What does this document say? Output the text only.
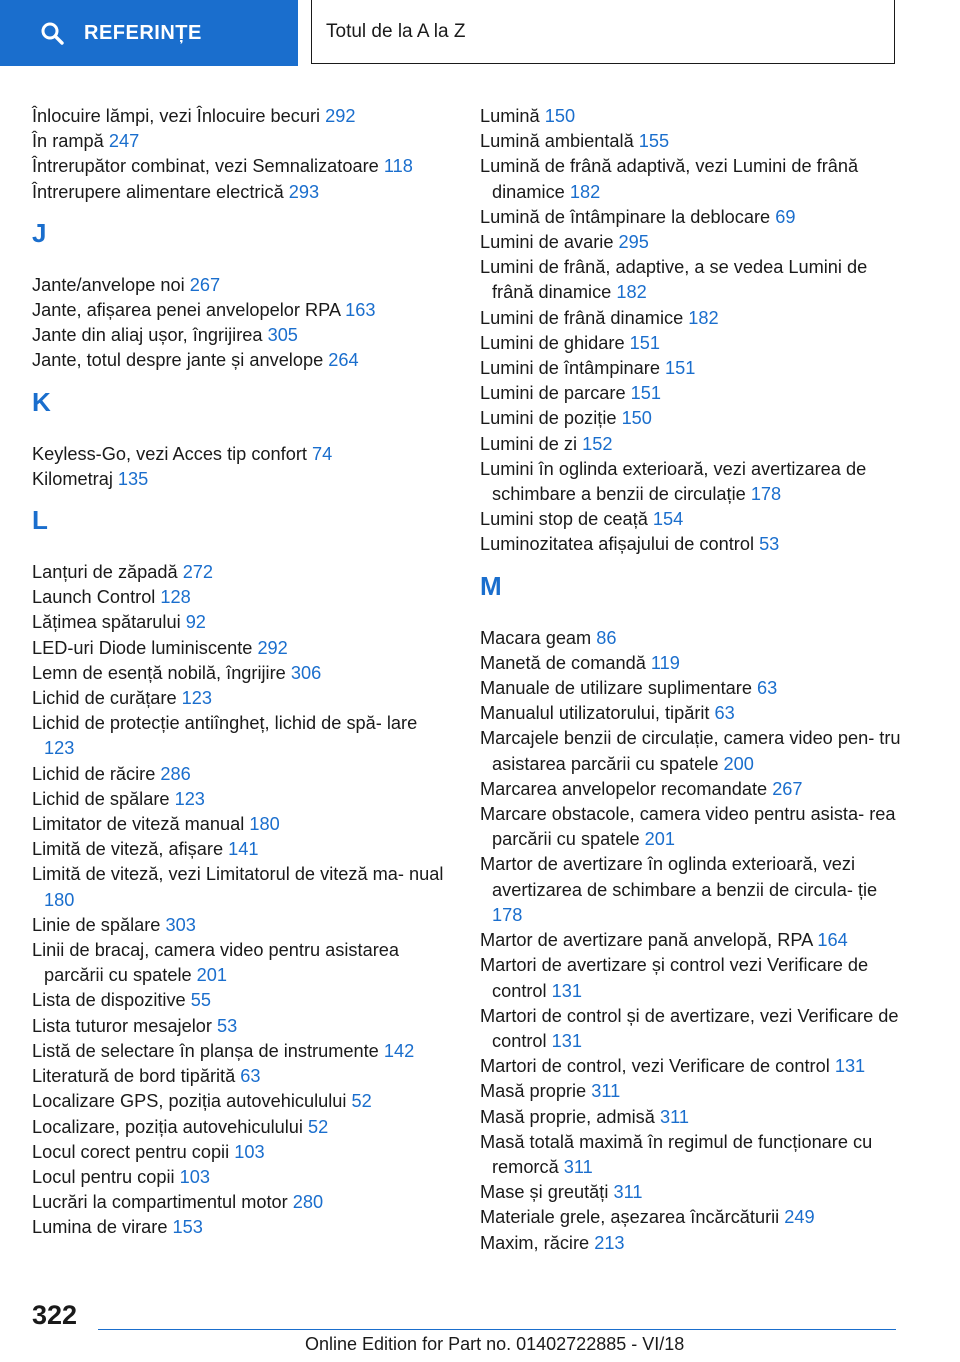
REFERINȚE	Totul de la A la Z
Înlocuire lămpi, vezi Înlocuire becuri 292
În rampă 247
Întrerupător combinat, vezi Semnalizatoare 118
Întrerupere alimentare electrică 293
J
Jante/anvelope noi 267
Jante, afișarea penei anvelopelor RPA 163
Jante din aliaj ușor, îngrijirea 305
Jante, totul despre jante și anvelope 264
K
Keyless-Go, vezi Acces tip confort 74
Kilometraj 135
L
Lanțuri de zăpadă 272
Launch Control 128
Lățimea spătarului 92
LED-uri Diode luminiscente 292
Lemn de esență nobilă, îngrijire 306
Lichid de curățare 123
Lichid de protecție antiîngheț, lichid de spă- lare 123
Lichid de răcire 286
Lichid de spălare 123
Limitator de viteză manual 180
Limită de viteză, afișare 141
Limită de viteză, vezi Limitatorul de viteză ma- nual 180
Linie de spălare 303
Linii de bracaj, camera video pentru asistarea parcării cu spatele 201
Lista de dispozitive 55
Lista tuturor mesajelor 53
Listă de selectare în planșa de instrumente 142
Literatură de bord tipărită 63
Localizare GPS, poziția autovehiculului 52
Localizare, poziția autovehiculului 52
Locul corect pentru copii 103
Locul pentru copii 103
Lucrări la compartimentul motor 280
Lumina de virare 153
Lumină 150
Lumină ambientală 155
Lumină de frână adaptivă, vezi Lumini de frână dinamice 182
Lumină de întâmpinare la deblocare 69
Lumini de avarie 295
Lumini de frână, adaptive, a se vedea Lumini de frână dinamice 182
Lumini de frână dinamice 182
Lumini de ghidare 151
Lumini de întâmpinare 151
Lumini de parcare 151
Lumini de poziție 150
Lumini de zi 152
Lumini în oglinda exterioară, vezi avertizarea de schimbare a benzii de circulație 178
Lumini stop de ceață 154
Luminozitatea afișajului de control 53
M
Macara geam 86
Manetă de comandă 119
Manuale de utilizare suplimentare 63
Manualul utilizatorului, tipărit 63
Marcajele benzii de circulație, camera video pen- tru asistarea parcării cu spatele 200
Marcarea anvelopelor recomandate 267
Marcare obstacole, camera video pentru asista- rea parcării cu spatele 201
Martor de avertizare în oglinda exterioară, vezi avertizarea de schimbare a benzii de circula- ție 178
Martor de avertizare pană anvelopă, RPA 164
Martori de avertizare și control vezi Verificare de control 131
Martori de control și de avertizare, vezi Verificare de control 131
Martori de control, vezi Verificare de control 131
Masă proprie 311
Masă proprie, admisă 311
Masă totală maximă în regimul de funcționare cu remorcă 311
Mase și greutăți 311
Materiale grele, așezarea încărcăturii 249
Maxim, răcire 213
322
Online Edition for Part no. 01402722885 - VI/18
